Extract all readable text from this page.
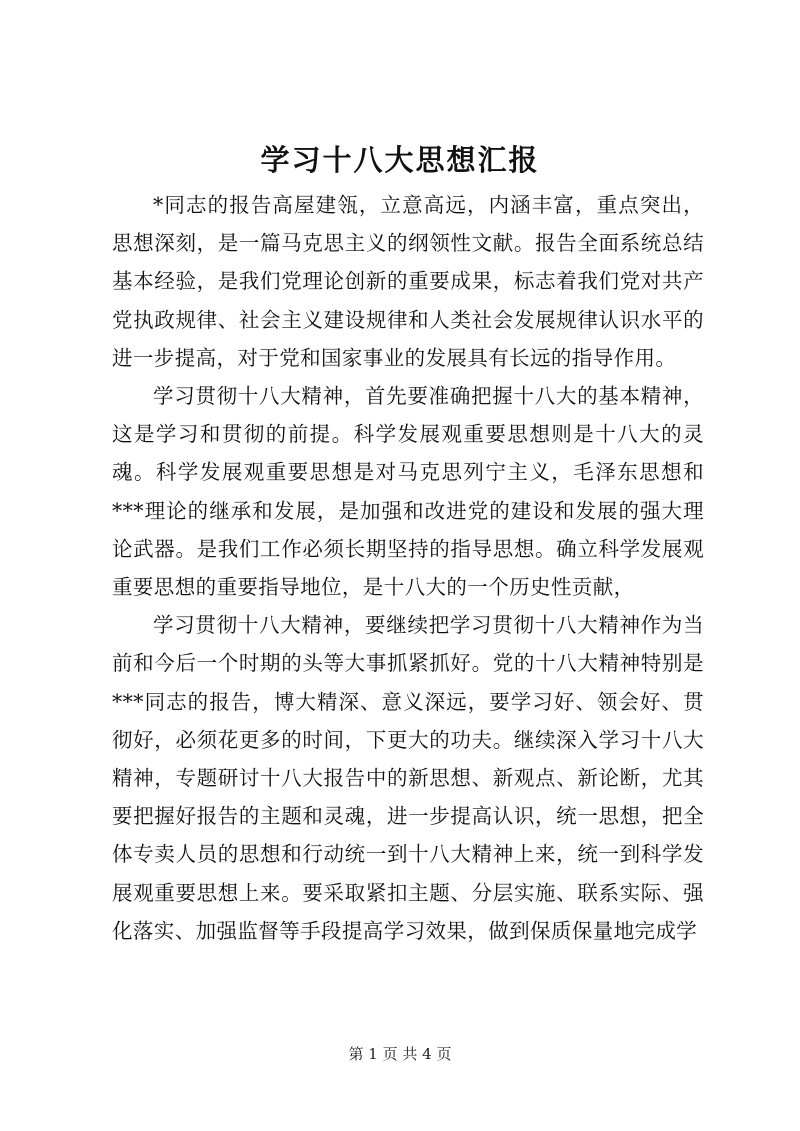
学习十八大思想汇报

*同志的报告高屋建瓴，立意高远，内涵丰富，重点突出，思想深刻，是一篇马克思主义的纲领性文献。报告全面系统总结基本经验，是我们党理论创新的重要成果，标志着我们党对共产党执政规律、社会主义建设规律和人类社会发展规律认识水平的进一步提高，对于党和国家事业的发展具有长远的指导作用。

学习贯彻十八大精神，首先要准确把握十八大的基本精神，这是学习和贯彻的前提。科学发展观重要思想则是十八大的灵魂。科学发展观重要思想是对马克思列宁主义，毛泽东思想和***理论的继承和发展，是加强和改进党的建设和发展的强大理论武器。是我们工作必须长期坚持的指导思想。确立科学发展观重要思想的重要指导地位，是十八大的一个历史性贡献，

学习贯彻十八大精神，要继续把学习贯彻十八大精神作为当前和今后一个时期的头等大事抓紧抓好。党的十八大精神特别是***同志的报告，博大精深、意义深远，要学习好、领会好、贯彻好，必须花更多的时间，下更大的功夫。继续深入学习十八大精神，专题研讨十八大报告中的新思想、新观点、新论断，尤其要把握好报告的主题和灵魂，进一步提高认识，统一思想，把全体专卖人员的思想和行动统一到十八大精神上来，统一到科学发展观重要思想上来。要采取紧扣主题、分层实施、联系实际、强化落实、加强监督等手段提高学习效果，做到保质保量地完成学

第 1 页 共 4 页
